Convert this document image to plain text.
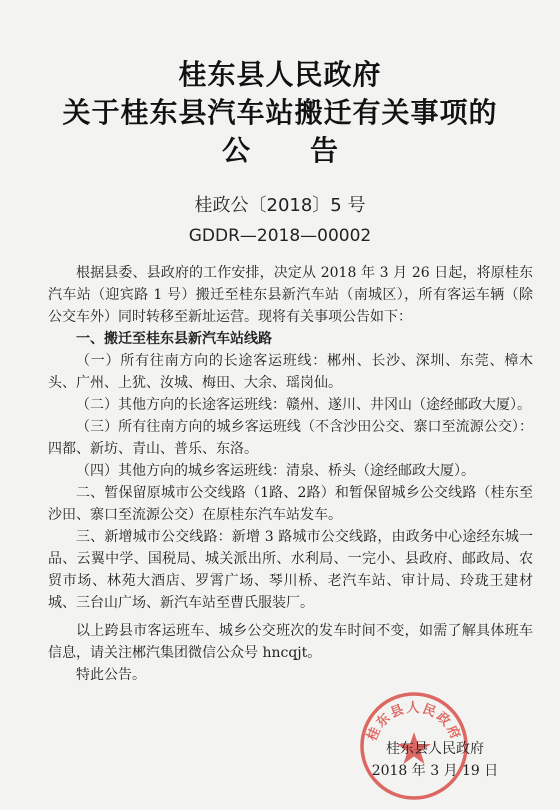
桂东县人民政府
关于桂东县汽车站搬迁有关事项的
公告
桂政公〔2018〕5 号
GDDR—2018—00002

根据县委、县政府的工作安排，决定从 2018 年 3 月 26 日起，将原桂东汽车站（迎宾路 1 号）搬迁至桂东县新汽车站（南城区），所有客运车辆（除公交车外）同时转移至新址运营。现将有关事项公告如下：

一、搬迁至桂东县新汽车站线路

（一）所有往南方向的长途客运班线：郴州、长沙、深圳、东莞、樟木头、广州、上犹、汝城、梅田、大余、瑶岗仙。

（二）其他方向的长途客运班线：赣州、遂川、井冈山（途经邮政大厦）。

（三）所有往南方向的城乡客运班线（不含沙田公交、寨口至流源公交）：四都、新坊、青山、普乐、东洛。

（四）其他方向的城乡客运班线：清泉、桥头（途经邮政大厦）。

二、暂保留原城市公交线路（1路、2路）和暂保留城乡公交线路（桂东至沙田、寨口至流源公交）在原桂东汽车站发车。

三、新增城市公交线路：新增 3 路城市公交线路，由政务中心途经东城一品、云翼中学、国税局、城关派出所、水利局、一完小、县政府、邮政局、农贸市场、林苑大酒店、罗霄广场、琴川桥、老汽车站、审计局、玲珑王建材城、三台山广场、新汽车站至曹氏服装厂。

以上跨县市客运班车、城乡公交班次的发车时间不变，如需了解具体班车信息，请关注郴汽集团微信公众号 hncqjt。

特此公告。

桂东县人民政府
桂东县人民政府
2018 年 3 月 19 日
